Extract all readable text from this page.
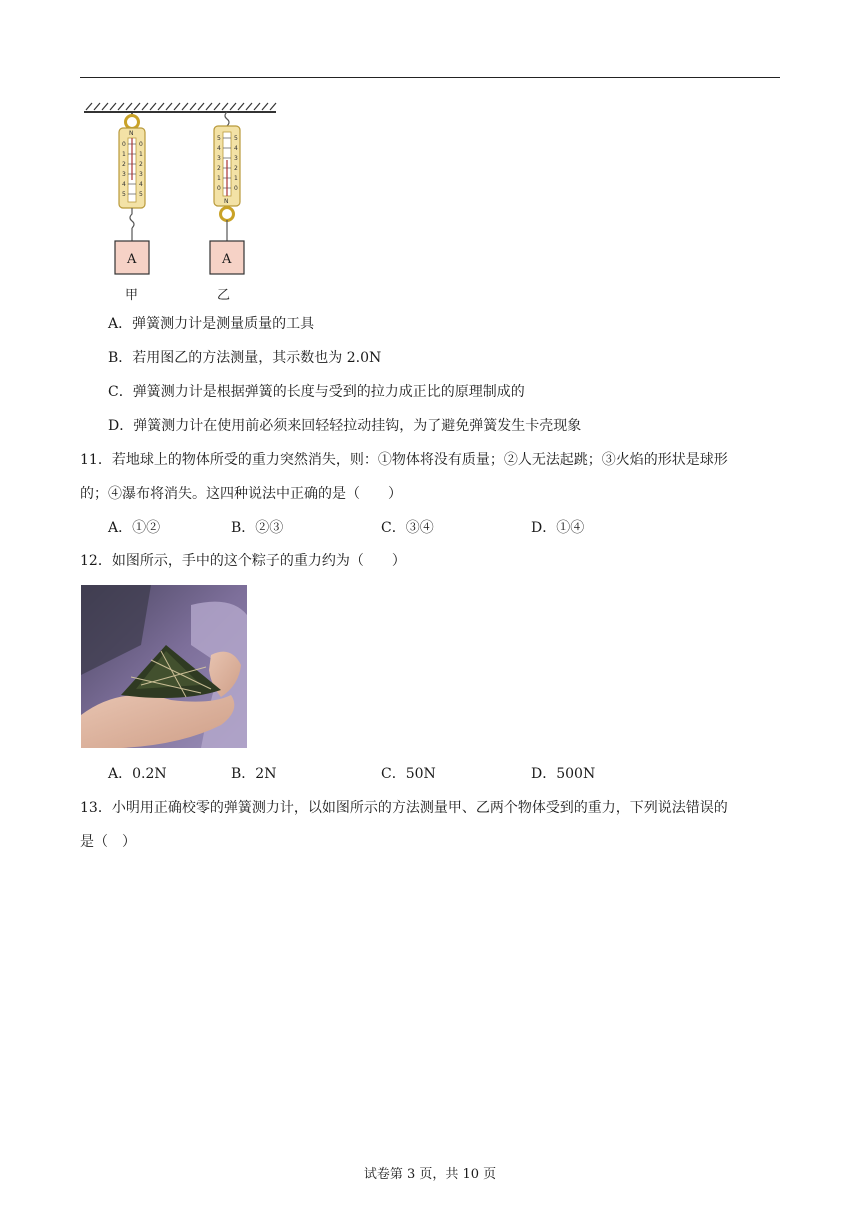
N
0 0
1 1
2 2
3 3
4 4
5 5
5 5
4 4
3 3
2 2
1 1
0 0
N
A	A
甲	乙
A．弹簧测力计是测量质量的工具
B．若用图乙的方法测量，其示数也为 2.0N
C．弹簧测力计是根据弹簧的长度与受到的拉力成正比的原理制成的
D．弹簧测力计在使用前必须来回轻轻拉动挂钩，为了避免弹簧发生卡壳现象
11．若地球上的物体所受的重力突然消失，则：①物体将没有质量；②人无法起跳；③火焰的形状是球形
的；④瀑布将消失。这四种说法中正确的是（　　）
A．①②	B．②③	C．③④	D．①④
12．如图所示，手中的这个粽子的重力约为（　　）
A．0.2N	B．2N	C．50N	D．500N
13．小明用正确校零的弹簧测力计，以如图所示的方法测量甲、乙两个物体受到的重力，下列说法错误的
是（　）
试卷第 3 页，共 10 页
